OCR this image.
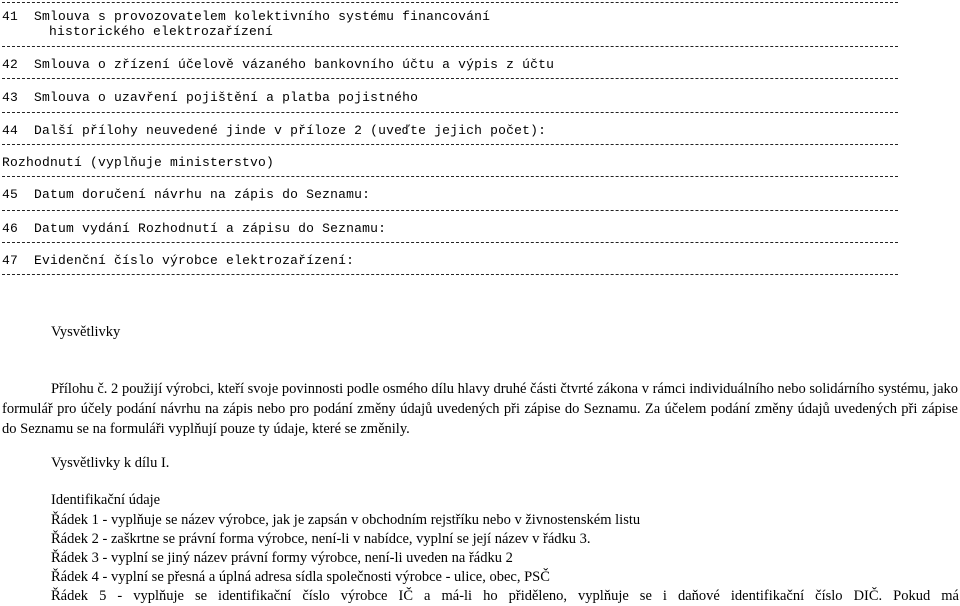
41 Smlouva s provozovatelem kolektivního systému financování
historického elektrozařízení
42 Smlouva o zřízení účelově vázaného bankovního účtu a výpis z účtu
43 Smlouva o uzavření pojištění a platba pojistného
44 Další přílohy neuvedené jinde v příloze 2 (uveďte jejich počet):
Rozhodnutí (vyplňuje ministerstvo)
45 Datum doručení návrhu na zápis do Seznamu:
46 Datum vydání Rozhodnutí a zápisu do Seznamu:
47 Evidenční číslo výrobce elektrozařízení:
Vysvětlivky
Přílohu č. 2 použijí výrobci, kteří svoje povinnosti podle osmého dílu hlavy druhé části čtvrté zákona v rámci individuálního nebo solidárního systému, jako formulář pro účely podání návrhu na zápis nebo pro podání změny údajů uvedených při zápise do Seznamu. Za účelem podání změny údajů uvedených při zápise do Seznamu se na formuláři vyplňují pouze ty údaje, které se změnily.
Vysvětlivky k dílu I.
Identifikační údaje
Řádek 1 - vyplňuje se název výrobce, jak je zapsán v obchodním rejstříku nebo v živnostenském listu
Řádek 2 - zaškrtne se právní forma výrobce, není-li v nabídce, vyplní se její název v řádku 3.
Řádek 3 - vyplní se jiný název právní formy výrobce, není-li uveden na řádku 2
Řádek 4 - vyplní se přesná a úplná adresa sídla společnosti výrobce - ulice, obec, PSČ
Řádek 5 - vyplňuje se identifikační číslo výrobce IČ a má-li ho přiděleno, vyplňuje se i daňové identifikační číslo DIČ. Pokud má
